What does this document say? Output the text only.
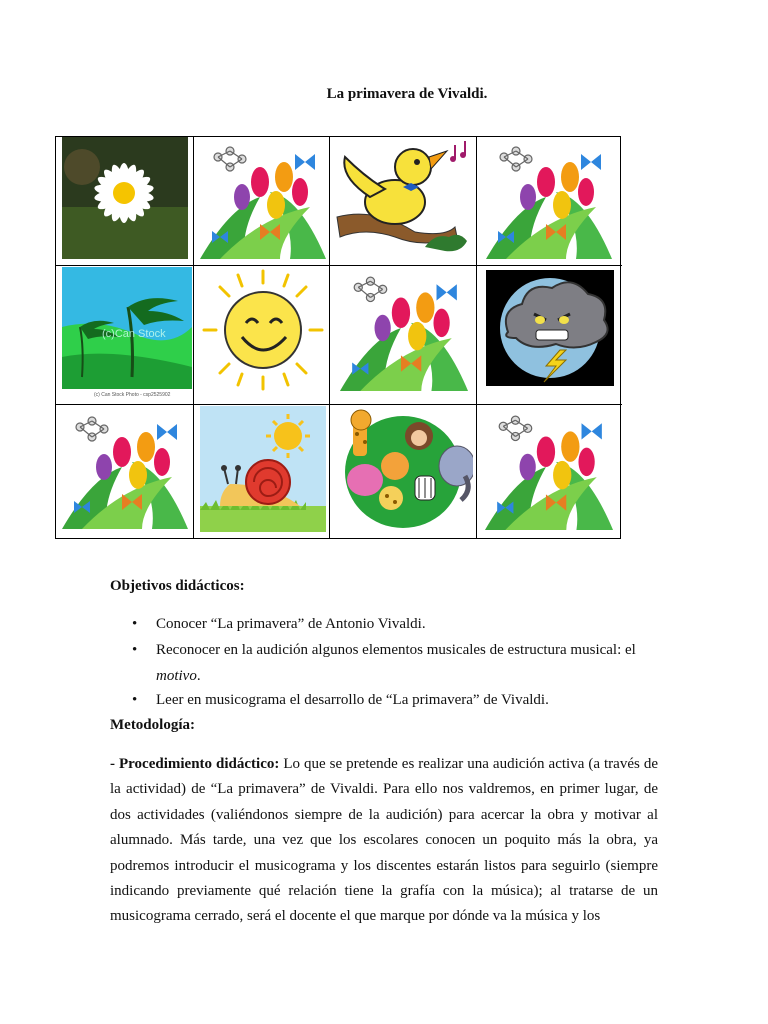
La primavera de Vivaldi.
(c)Can Stock
(c) Can Stock Photo - csp2525902
Objetivos didácticos:
• Conocer “La primavera” de Antonio Vivaldi.
• Reconocer en la audición algunos elementos musicales de estructura musical: el motivo.
• Leer en musicograma el desarrollo de “La primavera” de Vivaldi.
Metodología:
- Procedimiento didáctico: Lo que se pretende es realizar una audición activa (a través de la actividad) de “La primavera” de Vivaldi. Para ello nos valdremos, en primer lugar, de dos actividades (valiéndonos siempre de la audición) para acercar la obra y motivar al alumnado. Más tarde, una vez que los escolares conocen un poquito más la obra, ya podremos introducir el musicograma y los discentes estarán listos para seguirlo (siempre indicando previamente qué relación tiene la grafía con la música); al tratarse de un musicograma cerrado, será el docente el que marque por dónde va la música y los
